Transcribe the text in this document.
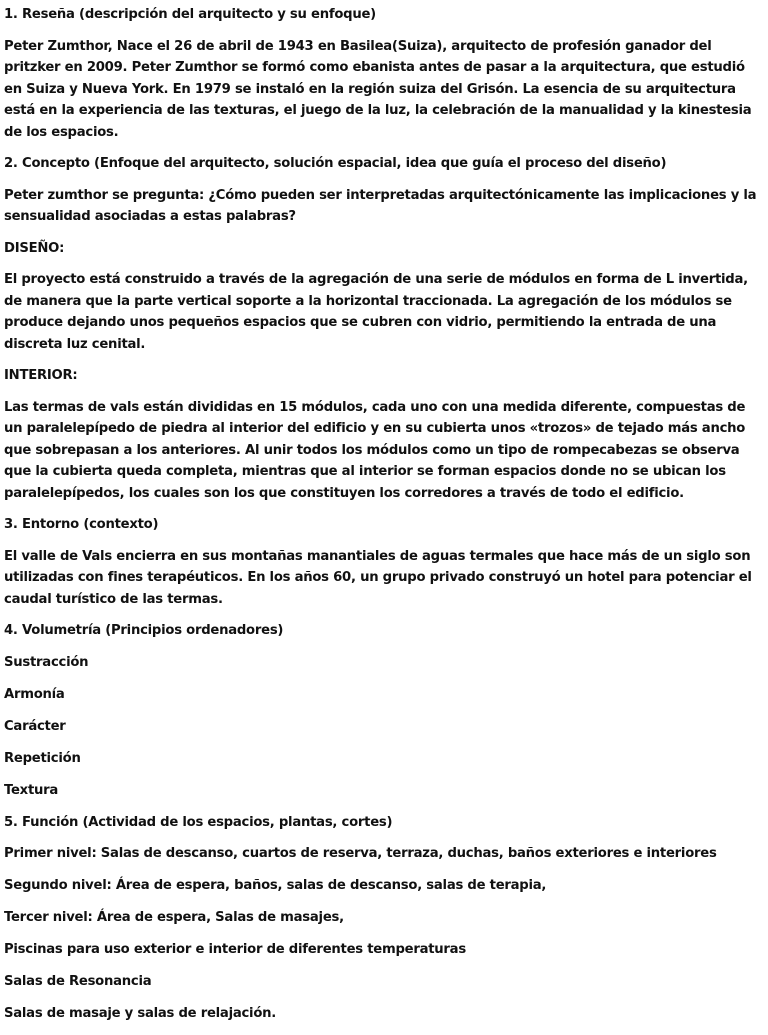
1. Reseña (descripción del arquitecto y su enfoque)

Peter Zumthor, Nace el 26 de abril de 1943 en Basilea(Suiza), arquitecto de profesión ganador del pritzker en 2009. Peter Zumthor se formó como ebanista antes de pasar a la arquitectura, que estudió en Suiza y Nueva York. En 1979 se instaló en la región suiza del Grisón. La esencia de su arquitectura está en la experiencia de las texturas, el juego de la luz, la celebración de la manualidad y la kinestesia de los espacios.

2. Concepto (Enfoque del arquitecto, solución espacial, idea que guía el proceso del diseño)

Peter zumthor se pregunta: ¿Cómo pueden ser interpretadas arquitectónicamente las implicaciones y la sensualidad asociadas a estas palabras?

DISEÑO:

El proyecto está construido a través de la agregación de una serie de módulos en forma de L invertida, de manera que la parte vertical soporte a la horizontal traccionada. La agregación de los módulos se produce dejando unos pequeños espacios que se cubren con vidrio, permitiendo la entrada de una discreta luz cenital.

INTERIOR:

Las termas de vals están divididas en 15 módulos, cada uno con una medida diferente, compuestas de un paralelepípedo de piedra al interior del edificio y en su cubierta unos «trozos» de tejado más ancho que sobrepasan a los anteriores. Al unir todos los módulos como un tipo de rompecabezas se observa que la cubierta queda completa, mientras que al interior se forman espacios donde no se ubican los paralelepípedos, los cuales son los que constituyen los corredores a través de todo el edificio.

3. Entorno (contexto)

El valle de Vals encierra en sus montañas manantiales de aguas termales que hace más de un siglo son utilizadas con fines terapéuticos. En los años 60, un grupo privado construyó un hotel para potenciar el caudal turístico de las termas.

4. Volumetría (Principios ordenadores)

Sustracción

Armonía

Carácter

Repetición

Textura

5. Función (Actividad de los espacios, plantas, cortes)

Primer nivel: Salas de descanso, cuartos de reserva, terraza, duchas, baños exteriores e interiores

Segundo nivel: Área de espera, baños, salas de descanso, salas de terapia,

Tercer nivel: Área de espera, Salas de masajes,

Piscinas para uso exterior e interior de diferentes temperaturas

Salas de Resonancia

Salas de masaje y salas de relajación.
